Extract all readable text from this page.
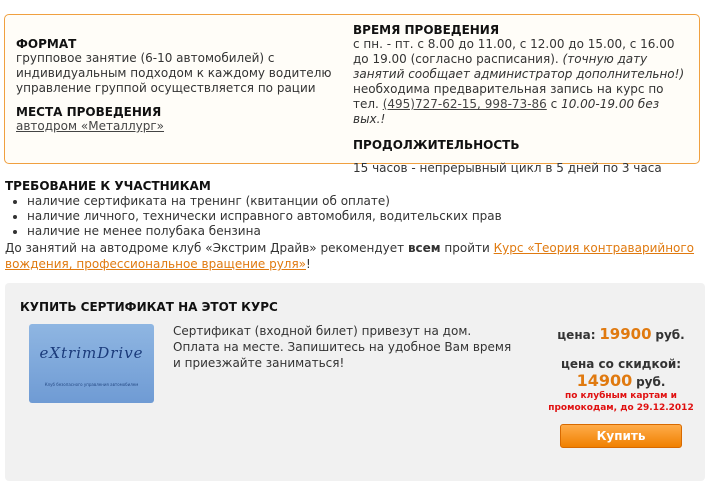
ФОРМАТ

групповое занятие (6-10 автомобилей) с индивидуальным подходом к каждому водителю управление группой осуществляется по рации

МЕСТА ПРОВЕДЕНИЯ

автодром «Металлург»

ВРЕМЯ ПРОВЕДЕНИЯ

с пн. - пт. с 8.00 до 11.00, с 12.00 до 15.00, с 16.00 до 19.00 (согласно расписания). (точную дату занятий сообщает администратор дополнительно!) необходима предварительная запись на курс по тел. (495)727-62-15, 998-73-86 с 10.00-19.00 без вых.!

ПРОДОЛЖИТЕЛЬНОСТЬ

15 часов - непрерывный цикл в 5 дней по 3 часа

ТРЕБОВАНИЕ К УЧАСТНИКАМ
• наличие сертификата на тренинг (квитанции об оплате)
• наличие личного, технически исправного автомобиля, водительских прав
• наличие не менее полубака бензина

До занятий на автодроме клуб «Экстрим Драйв» рекомендует всем пройти Курс «Теория контраварийного вождения, профессиональное вращение руля»!

КУПИТЬ СЕРТИФИКАТ НА ЭТОТ КУРС
eXtrimDrive
Клуб безопасного управления автомобилем
Сертификат (входной билет) привезут на дом. Оплата на месте. Запишитесь на удобное Вам время и приезжайте заниматься!
цена: 19900 руб.
цена со скидкой:
14900 руб.
по клубным картам и промокодам, до 29.12.2012
Купить
